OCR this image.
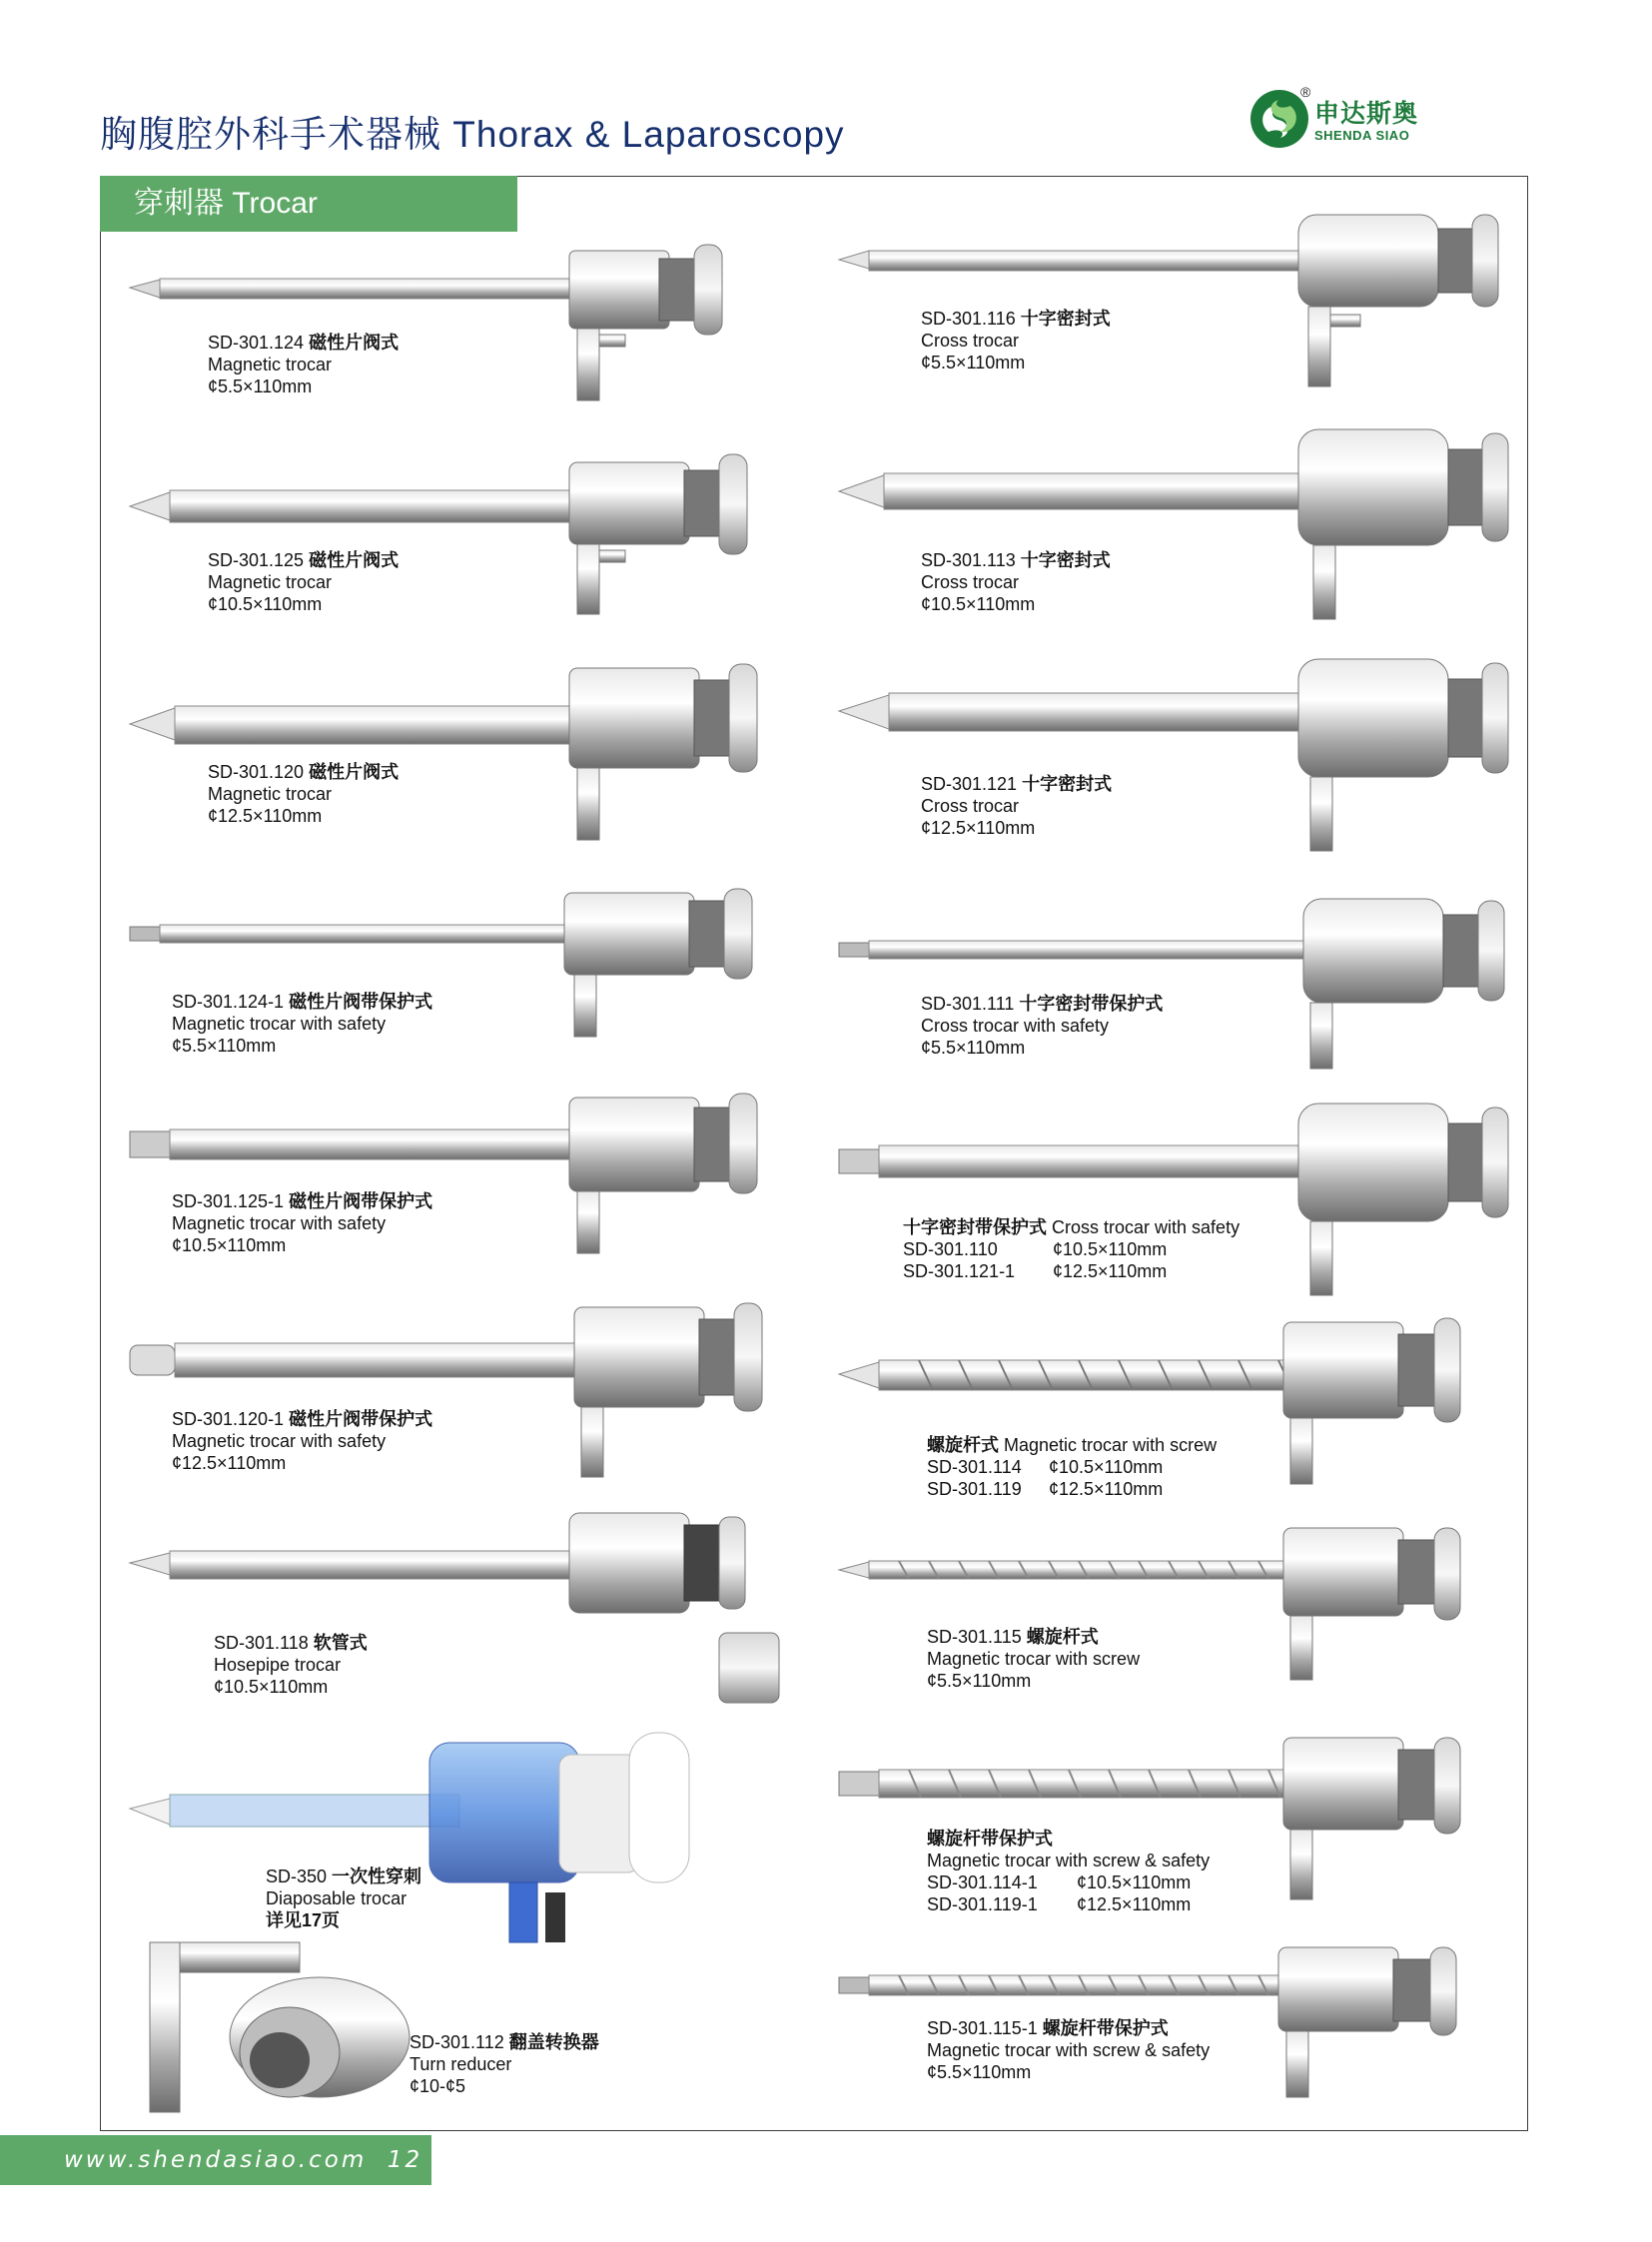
胸腹腔外科手术器械 Thorax & Laparoscopy
®
申达斯奥
SHENDA SIAO
穿刺器 Trocar
SD-301.124 磁性片阀式
Magnetic trocar
¢5.5×110mm
SD-301.116 十字密封式
Cross trocar
¢5.5×110mm
SD-301.125 磁性片阀式
Magnetic trocar
¢10.5×110mm
SD-301.113 十字密封式
Cross trocar
¢10.5×110mm
SD-301.120 磁性片阀式
Magnetic trocar
¢12.5×110mm
SD-301.121 十字密封式
Cross trocar
¢12.5×110mm
SD-301.124-1 磁性片阀带保护式
Magnetic trocar with safety
¢5.5×110mm
SD-301.111 十字密封带保护式
Cross trocar with safety
¢5.5×110mm
SD-301.125-1 磁性片阀带保护式
Magnetic trocar with safety
¢10.5×110mm
十字密封带保护式 Cross trocar with safety
SD-301.110	¢10.5×110mm
SD-301.121-1 ¢12.5×110mm
SD-301.120-1 磁性片阀带保护式
Magnetic trocar with safety
¢12.5×110mm
螺旋杆式 Magnetic trocar with screw
SD-301.114 ¢10.5×110mm
SD-301.119 ¢12.5×110mm
SD-301.118 软管式
Hosepipe trocar
¢10.5×110mm
SD-301.115 螺旋杆式
Magnetic trocar with screw
¢5.5×110mm
SD-350 一次性穿刺
Diaposable trocar
详见17页
螺旋杆带保护式
Magnetic trocar with screw & safety
SD-301.114-1 ¢10.5×110mm
SD-301.119-1 ¢12.5×110mm
SD-301.112 翻盖转换器
Turn reducer
¢10-¢5
SD-301.115-1 螺旋杆带保护式
Magnetic trocar with screw & safety
¢5.5×110mm
www.shendasiao.com 12
